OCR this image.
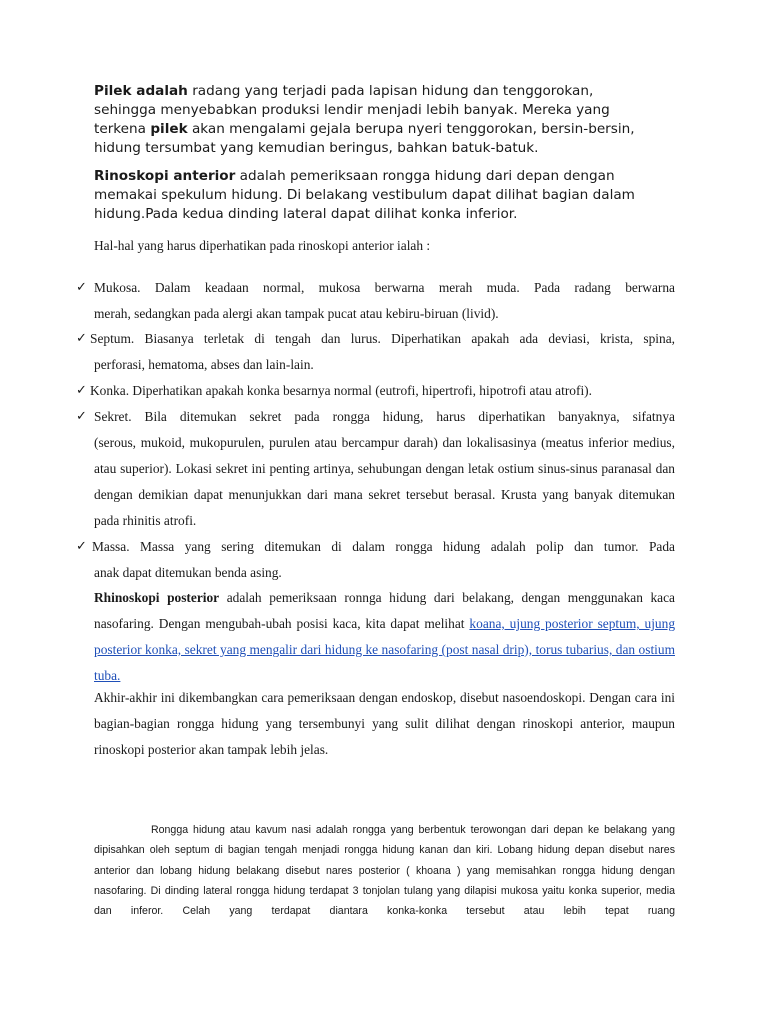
Pilek adalah radang yang terjadi pada lapisan hidung dan tenggorokan, sehingga menyebabkan produksi lendir menjadi lebih banyak. Mereka yang terkena pilek akan mengalami gejala berupa nyeri tenggorokan, bersin-bersin, hidung tersumbat yang kemudian beringus, bahkan batuk-batuk.

Rinoskopi anterior adalah pemeriksaan rongga hidung dari depan dengan memakai spekulum hidung. Di belakang vestibulum dapat dilihat bagian dalam hidung.Pada kedua dinding lateral dapat dilihat konka inferior.

Hal-hal yang harus diperhatikan pada rinoskopi anterior ialah :

✓ Mukosa. Dalam keadaan normal, mukosa berwarna merah muda. Pada radang berwarna

merah, sedangkan pada alergi akan tampak pucat atau kebiru-biruan (livid).

✓ Septum. Biasanya terletak di tengah dan lurus. Diperhatikan apakah ada deviasi, krista, spina,

perforasi, hematoma, abses dan lain-lain.

✓ Konka. Diperhatikan apakah konka besarnya normal (eutrofi, hipertrofi, hipotrofi atau atrofi).

✓ Sekret. Bila ditemukan sekret pada rongga hidung, harus diperhatikan banyaknya, sifatnya

(serous, mukoid, mukopurulen, purulen atau bercampur darah) dan lokalisasinya (meatus inferior medius, atau superior). Lokasi sekret ini penting artinya, sehubungan dengan letak ostium sinus-sinus paranasal dan dengan demikian dapat menunjukkan dari mana sekret tersebut berasal. Krusta yang banyak ditemukan pada rhinitis atrofi.

✓ Massa. Massa yang sering ditemukan di dalam rongga hidung adalah polip dan tumor. Pada

anak dapat ditemukan benda asing.

Rhinoskopi posterior adalah pemeriksaan ronnga hidung dari belakang, dengan menggunakan kaca nasofaring. Dengan mengubah-ubah posisi kaca, kita dapat melihat koana, ujung posterior septum, ujung posterior konka, sekret yang mengalir dari hidung ke nasofaring (post nasal drip), torus tubarius, dan ostium tuba.

Akhir-akhir ini dikembangkan cara pemeriksaan dengan endoskop, disebut nasoendoskopi. Dengan cara ini bagian-bagian rongga hidung yang tersembunyi yang sulit dilihat dengan rinoskopi anterior, maupun rinoskopi posterior akan tampak lebih jelas.

Rongga hidung atau kavum nasi adalah rongga yang berbentuk terowongan dari depan ke belakang yang dipisahkan oleh septum di bagian tengah menjadi rongga hidung kanan dan kiri. Lobang hidung depan disebut nares anterior dan lobang hidung belakang disebut nares posterior ( khoana ) yang memisahkan rongga hidung dengan nasofaring. Di dinding lateral rongga hidung terdapat 3 tonjolan tulang yang dilapisi mukosa yaitu konka superior, media dan inferor. Celah yang terdapat diantara konka-konka tersebut atau lebih tepat ruang
